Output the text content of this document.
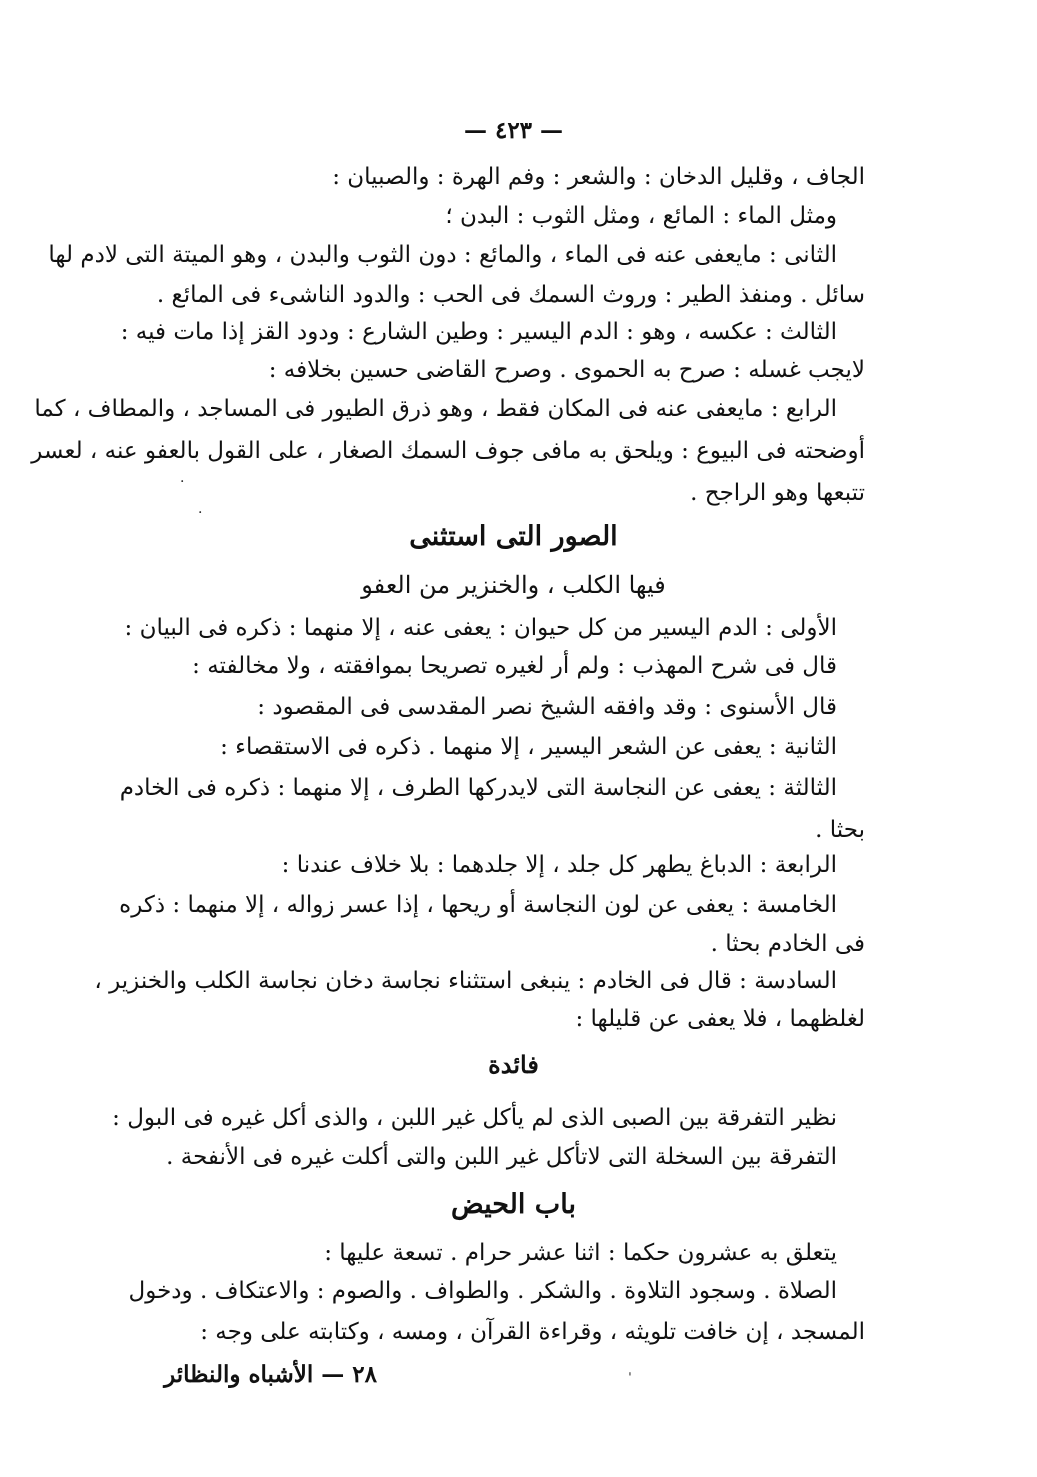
— ٤٢٣ —
الجاف ، وقليل الدخان : والشعر : وفم الهرة : والصبيان :
ومثل الماء : المائع ، ومثل الثوب : البدن ؛
الثانى : مايعفى عنه فى الماء ، والمائع : دون الثوب والبدن ، وهو الميتة التى لادم لها
سائل . ومنفذ الطير : وروث السمك فى الحب : والدود الناشىء فى المائع .
الثالث : عكسه ، وهو : الدم اليسير : وطين الشارع : ودود القز إذا مات فيه :
لايجب غسله : صرح به الحموى . وصرح القاضى حسين بخلافه :
الرابع : مايعفى عنه فى المكان فقط ، وهو ذرق الطيور فى المساجد ، والمطاف ، كما
أوضحته فى البيوع : ويلحق به مافى جوف السمك الصغار ، على القول بالعفو عنه ، لعسر
تتبعها وهو الراجح .
الصور التى استثنى
فيها الكلب ، والخنزير من العفو
الأولى : الدم اليسير من كل حيوان : يعفى عنه ، إلا منهما : ذكره فى البيان :
قال فى شرح المهذب : ولم أر لغيره تصريحا بموافقته ، ولا مخالفته :
قال الأسنوى : وقد وافقه الشيخ نصر المقدسى فى المقصود :
الثانية : يعفى عن الشعر اليسير ، إلا منهما . ذكره فى الاستقصاء :
الثالثة : يعفى عن النجاسة التى لايدركها الطرف ، إلا منهما : ذكره فى الخادم
بحثا .
الرابعة : الدباغ يطهر كل جلد ، إلا جلدهما : بلا خلاف عندنا :
الخامسة : يعفى عن لون النجاسة أو ريحها ، إذا عسر زواله ، إلا منهما : ذكره
فى الخادم بحثا .
السادسة : قال فى الخادم : ينبغى استثناء نجاسة دخان نجاسة الكلب والخنزير ،
لغلظهما ، فلا يعفى عن قليلها :
فائدة
نظير التفرقة بين الصبى الذى لم يأكل غير اللبن ، والذى أكل غيره فى البول :
التفرقة بين السخلة التى لاتأكل غير اللبن والتى أكلت غيره فى الأنفحة .
باب الحيض
يتعلق به عشرون حكما : اثنا عشر حرام . تسعة عليها :
الصلاة . وسجود التلاوة . والشكر . والطواف . والصوم : والاعتكاف . ودخول
المسجد ، إن خافت تلويثه ، وقراءة القرآن ، ومسه ، وكتابته على وجه :
٢٨ — الأشباه والنظائر
·
·
ˌ
